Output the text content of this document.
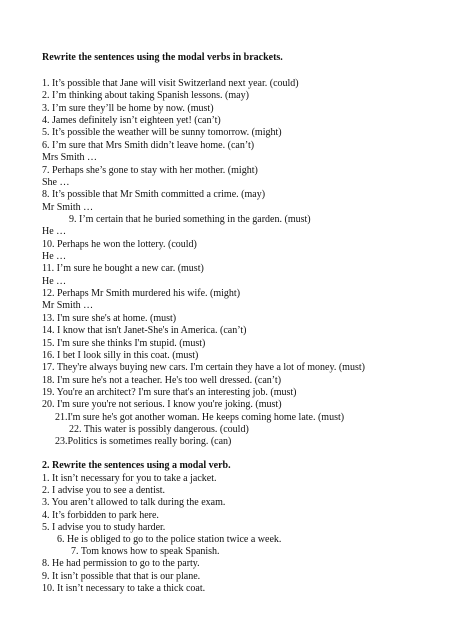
Rewrite the sentences using the modal verbs in brackets.
1. It’s possible that Jane will visit Switzerland next year. (could)
2. I’m thinking about taking Spanish lessons. (may)
3. I’m sure they’ll be home by now. (must)
4. James definitely isn’t eighteen yet! (can’t)
5. It’s possible the weather will be sunny tomorrow. (might)
6. I’m sure that Mrs Smith didn’t leave home. (can’t)
Mrs Smith …
7. Perhaps she’s gone to stay with her mother. (might)
She …
8. It’s possible that Mr Smith committed a crime. (may)
Mr Smith …
9. I’m certain that he buried something in the garden. (must)
He …
10. Perhaps he won the lottery. (could)
He …
11. I’m sure he bought a new car. (must)
He …
12. Perhaps Mr Smith murdered his wife. (might)
Mr Smith …
13. I'm sure she's at home. (must)
14. I know that isn't Janet-She's in America. (can’t)
15. I'm sure she thinks I'm stupid. (must)
16. I bet I look silly in this coat. (must)
17. They're always buying new cars. I'm certain they have a lot of money. (must)
18. I'm sure he's not a teacher. He's too well dressed. (can’t)
19. You're an architect? I'm sure that's an interesting job. (must)
20. I'm sure you're not serious. I know you're joking. (must)
21.I'm sure he's got another woman. He keeps coming home late. (must)
22. This water is possibly dangerous. (could)
23.Politics is sometimes really boring. (can)
2. Rewrite the sentences using a modal verb.
1. It isn’t necessary for you to take a jacket.
2. I advise you to see a dentist.
3. You aren’t allowed to talk during the exam.
4. It’s forbidden to park here.
5. I advise you to study harder.
6. He is obliged to go to the police station twice a week.
7. Tom knows how to speak Spanish.
8. He had permission to go to the party.
9. It isn’t possible that that is our plane.
10. It isn’t necessary to take a thick coat.
